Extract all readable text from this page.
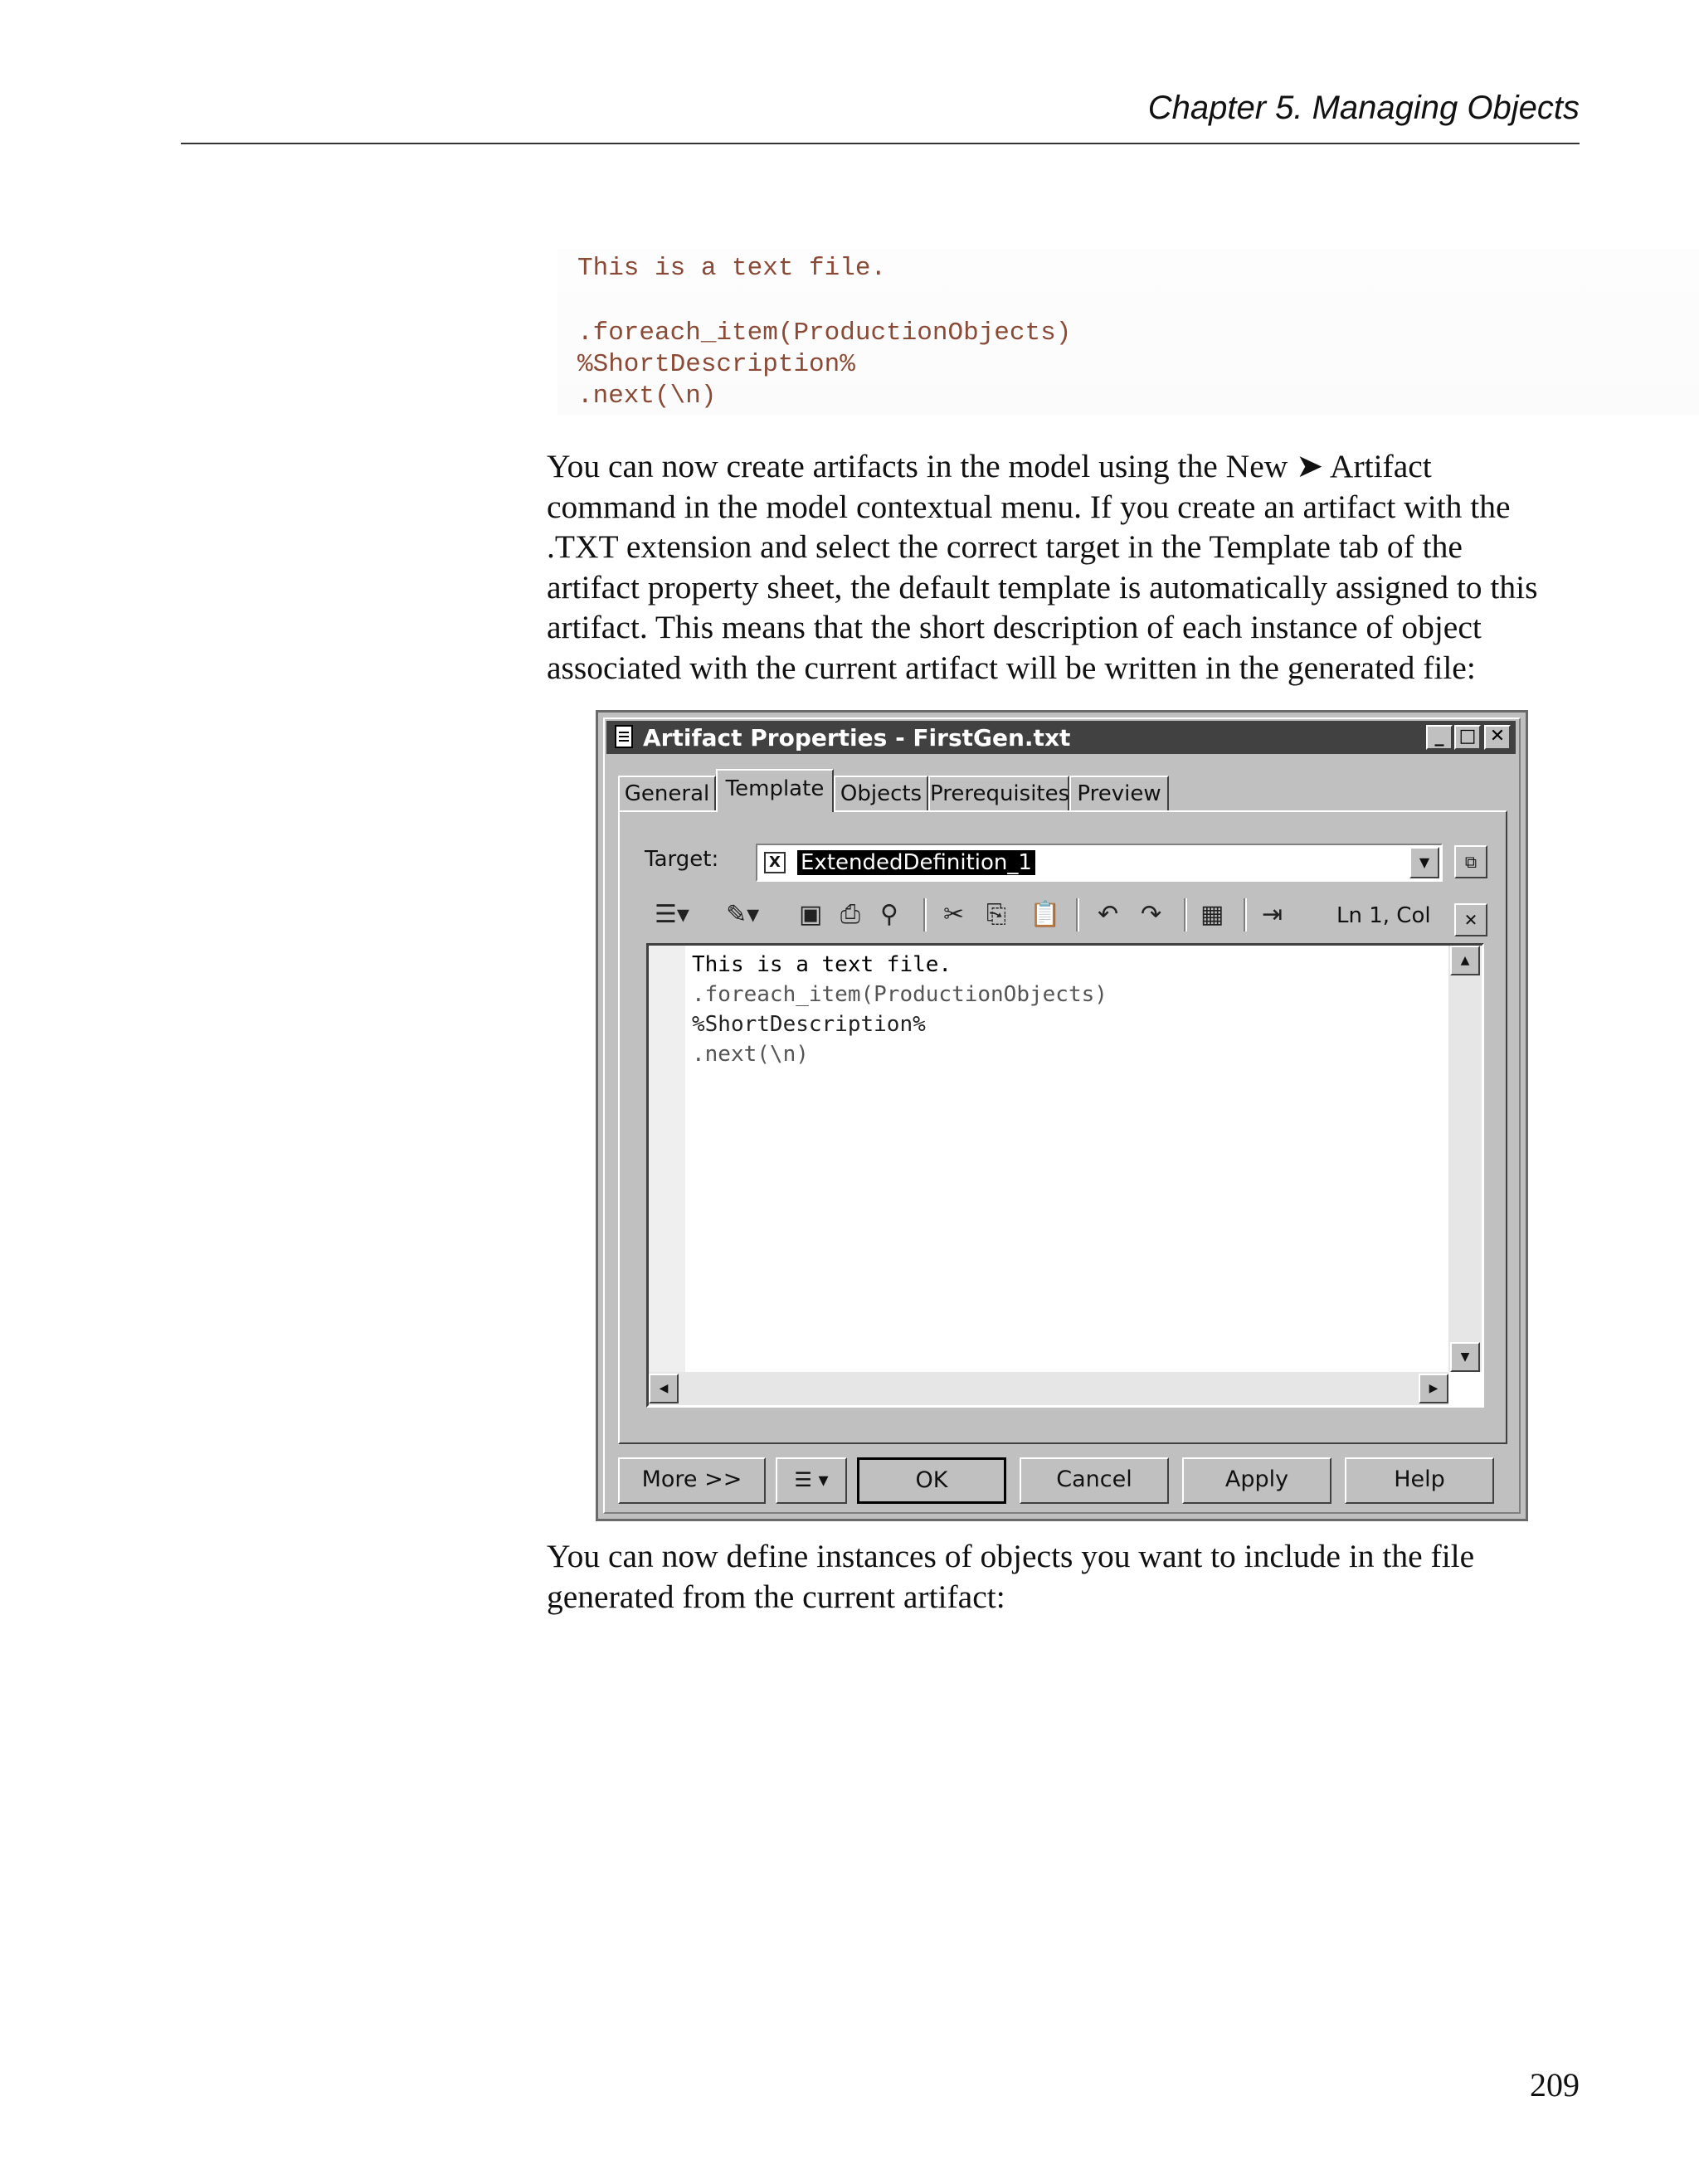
Chapter 5. Managing Objects
This is a text file.
.foreach_item(ProductionObjects)
%ShortDescription%
.next(\n)
You can now create artifacts in the model using the New ➤ Artifact
command in the model contextual menu. If you create an artifact with the
.TXT extension and select the correct target in the Template tab of the
artifact property sheet, the default template is automatically assigned to this
artifact. This means that the short description of each instance of object
associated with the current artifact will be written in the generated file:
Artifact Properties - FirstGen.txt	_ □ ✕
General Template Objects Prerequisites Preview
Target:	X ExtendedDefinition_1	▼	⧉
☰▾ ✎▾ ▣ ⎙ ⚲ ✂ ⎘ 📋 ↶ ↷ ▦ ⇥ Ln 1, Col	✕
This is a text file.
.foreach_item(ProductionObjects)
%ShortDescription%
.next(\n)
▲
▼
◀	▶
More >>	☰ ▾	OK	Cancel	Apply	Help
You can now define instances of objects you want to include in the file
generated from the current artifact:
209
